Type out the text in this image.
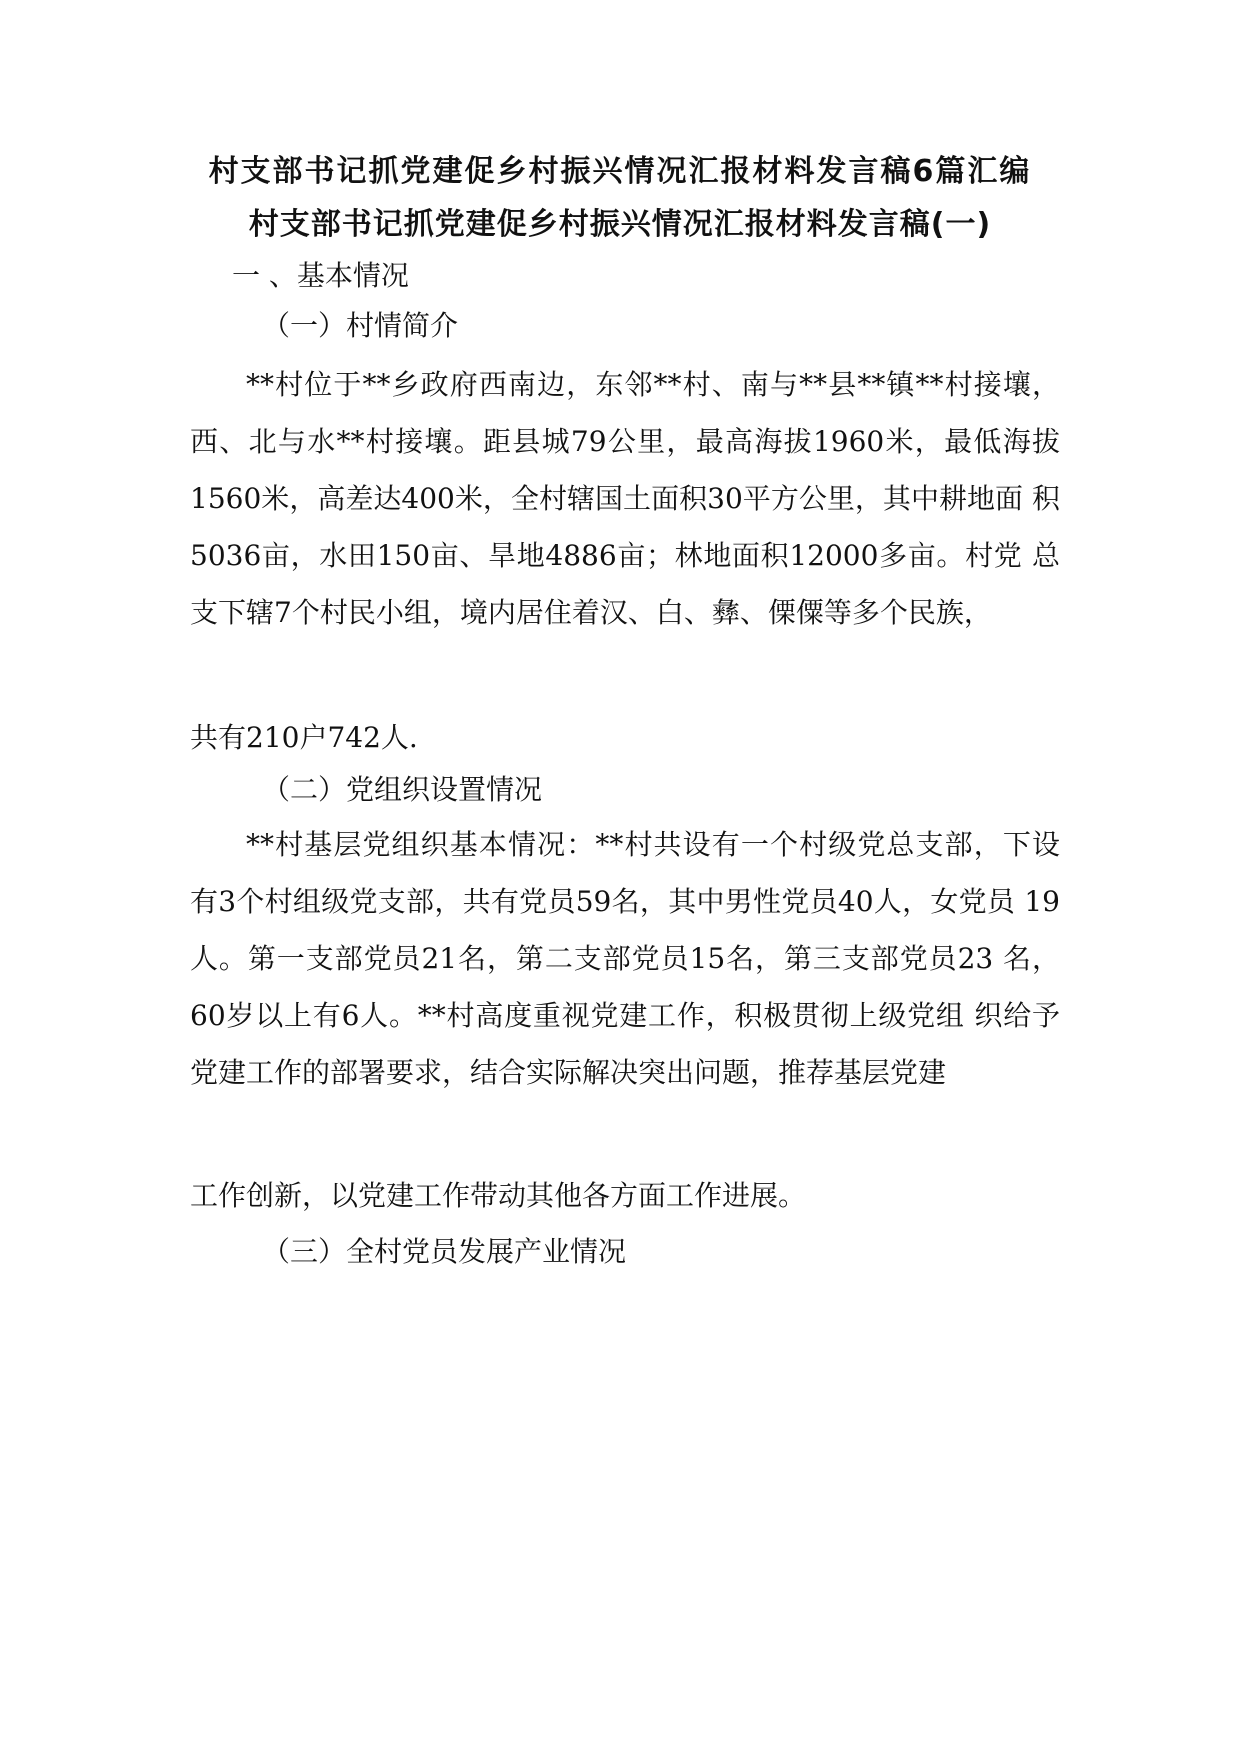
村支部书记抓党建促乡村振兴情况汇报材料发言稿6篇汇编
村支部书记抓党建促乡村振兴情况汇报材料发言稿(一)
一 、基本情况
（一）村情简介
**村位于**乡政府西南边，东邻**村、南与**县**镇**村接壤， 西、北与水**村接壤。距县城79公里，最高海拔1960米，最低海拔 1560米，高差达400米，全村辖国土面积30平方公里，其中耕地面 积5036亩，水田150亩、旱地4886亩；林地面积12000多亩。村党 总支下辖7个村民小组，境内居住着汉、白、彝、傈僳等多个民族，
共有210户742人.
（二）党组织设置情况
**村基层党组织基本情况：**村共设有一个村级党总支部，下设 有3个村组级党支部，共有党员59名，其中男性党员40人，女党员 19人。第一支部党员21名，第二支部党员15名，第三支部党员23 名，60岁以上有6人。**村高度重视党建工作，积极贯彻上级党组 织给予党建工作的部署要求，结合实际解决突出问题，推荐基层党建
工作创新，以党建工作带动其他各方面工作进展。
（三）全村党员发展产业情况
